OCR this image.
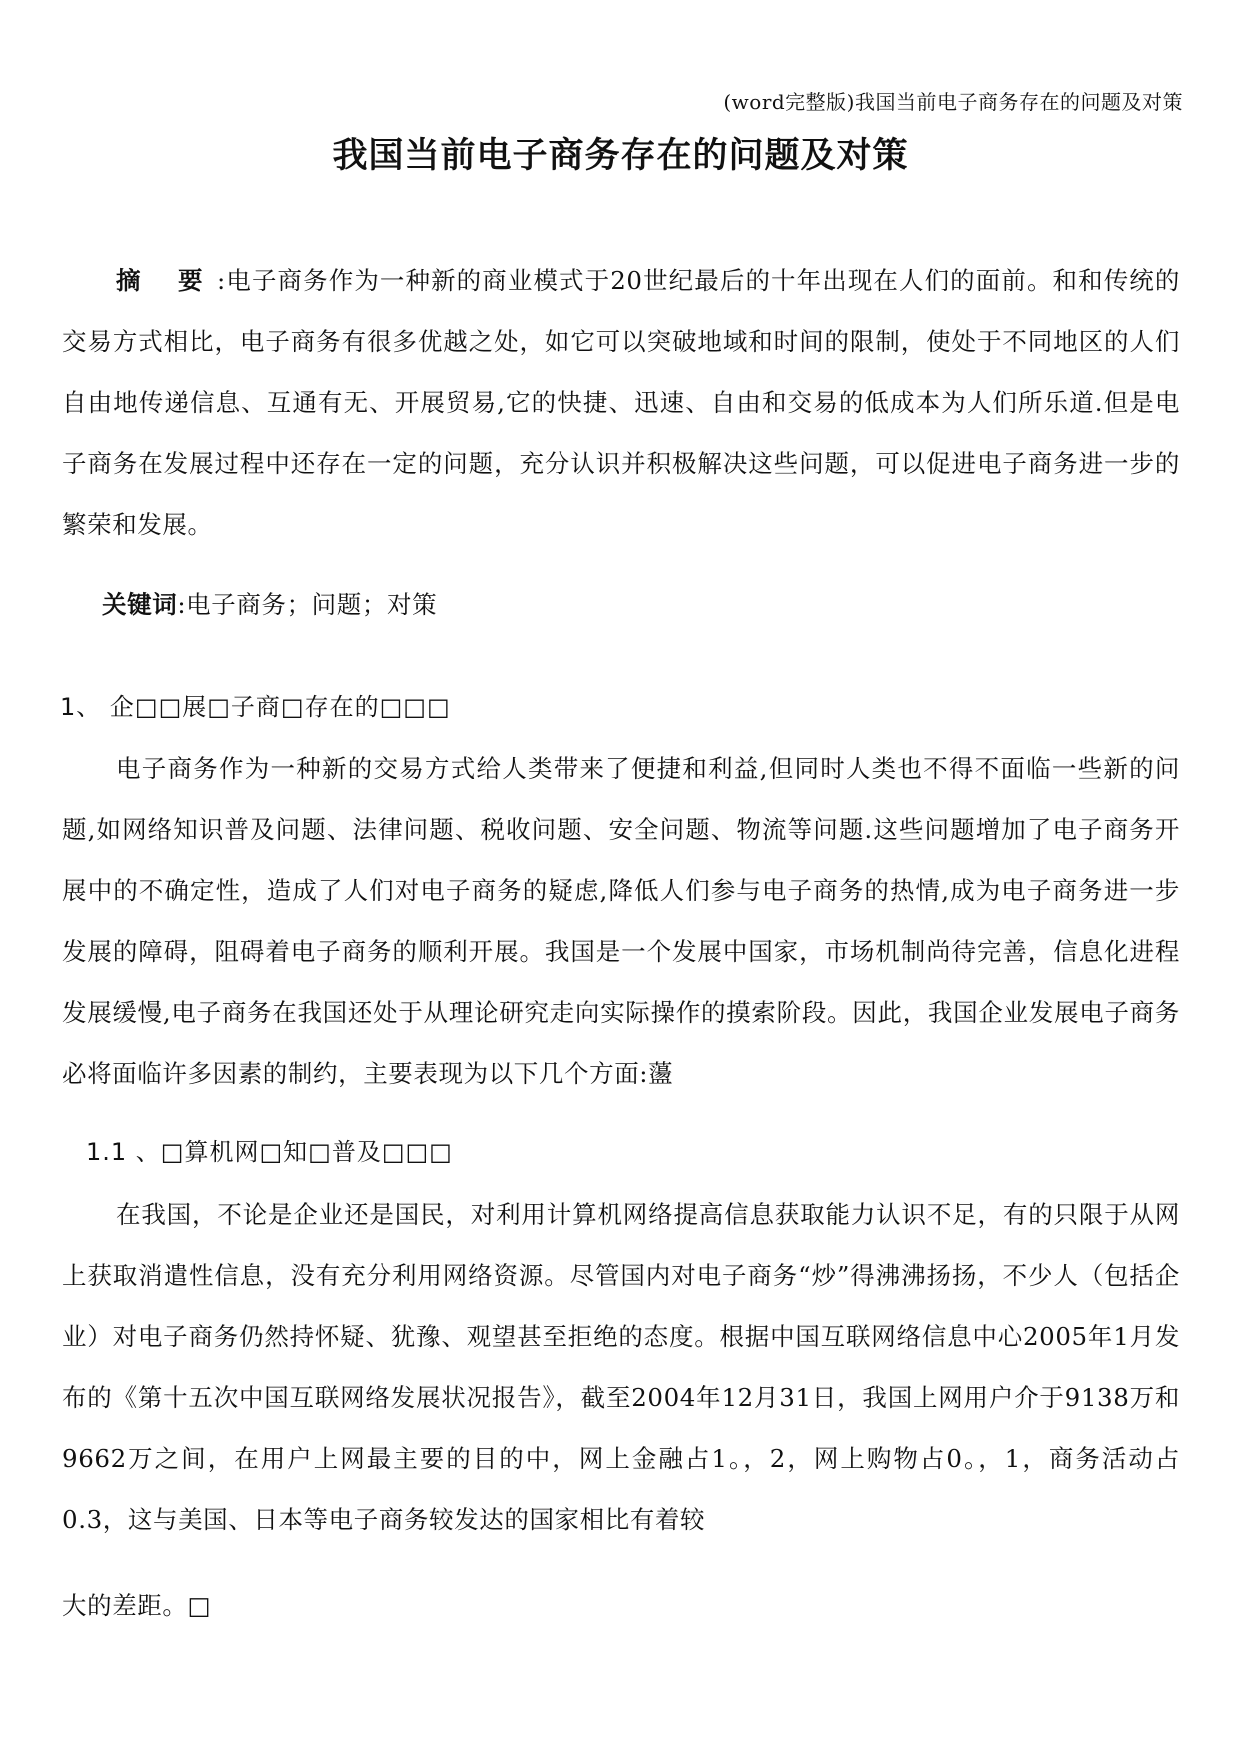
(word完整版)我国当前电子商务存在的问题及对策
我国当前电子商务存在的问题及对策

摘 要:电子商务作为一种新的商业模式于20世纪最后的十年出现在人们的面前。和和传统的交易方式相比，电子商务有很多优越之处，如它可以突破地域和时间的限制，使处于不同地区的人们自由地传递信息、互通有无、开展贸易,它的快捷、迅速、自由和交易的低成本为人们所乐道.但是电子商务在发展过程中还存在一定的问题，充分认识并积极解决这些问题，可以促进电子商务进一步的繁荣和发展。

关键词:电子商务；问题；对策

1、 企□□展□子商□存在的□□□

电子商务作为一种新的交易方式给人类带来了便捷和利益,但同时人类也不得不面临一些新的问题,如网络知识普及问题、法律问题、税收问题、安全问题、物流等问题.这些问题增加了电子商务开展中的不确定性，造成了人们对电子商务的疑虑,降低人们参与电子商务的热情,成为电子商务进一步发展的障碍，阻碍着电子商务的顺利开展。我国是一个发展中国家，市场机制尚待完善，信息化进程发展缓慢,电子商务在我国还处于从理论研究走向实际操作的摸索阶段。因此，我国企业发展电子商务必将面临许多因素的制约，主要表现为以下几个方面:蘯

1.1 、□算机网□知□普及□□□

在我国，不论是企业还是国民，对利用计算机网络提高信息获取能力认识不足，有的只限于从网上获取消遣性信息，没有充分利用网络资源。尽管国内对电子商务“炒”得沸沸扬扬，不少人（包括企业）对电子商务仍然持怀疑、犹豫、观望甚至拒绝的态度。根据中国互联网络信息中心2005年1月发布的《第十五次中国互联网络发展状况报告》，截至2004年12月31日，我国上网用户介于9138万和9662万之间，在用户上网最主要的目的中，网上金融占1。，2，网上购物占0。，1，商务活动占0.3，这与美国、日本等电子商务较发达的国家相比有着较

大的差距。□
